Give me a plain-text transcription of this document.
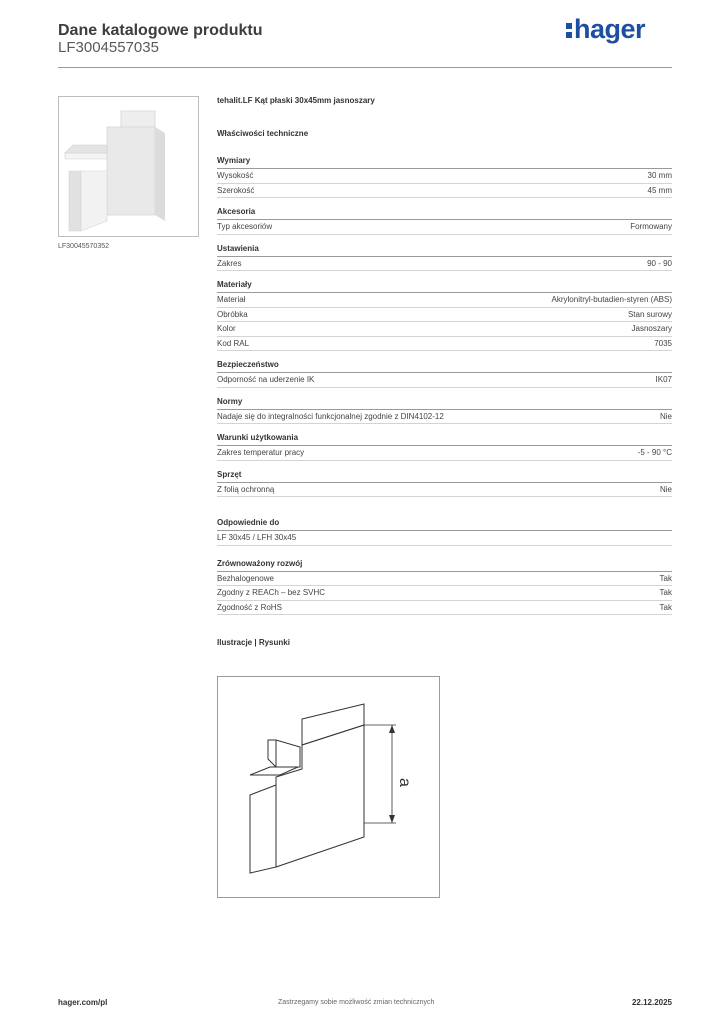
Dane katalogowe produktu
LF3004557035
hager
LF30045570352
tehalit.LF Kąt płaski 30x45mm jasnoszary
Właściwości techniczne
Wymiary
Wysokość	30 mm
Szerokość	45 mm
Akcesoria
Typ akcesoriów	Formowany
Ustawienia
Zakres	90 - 90
Materiały
Materiał	Akrylonitryl-butadien-styren (ABS)
Obróbka	Stan surowy
Kolor	Jasnoszary
Kod RAL	7035
Bezpieczeństwo
Odporność na uderzenie IK	IK07
Normy
Nadaje się do integralności funkcjonalnej zgodnie z DIN4102-12	Nie
Warunki użytkowania
Zakres temperatur pracy	-5 - 90 °C
Sprzęt
Z folią ochronną	Nie
Odpowiednie do
LF 30x45 / LFH 30x45
Zrównoważony rozwój
Bezhalogenowe	Tak
Zgodny z REACh – bez SVHC	Tak
Zgodność z RoHS	Tak
Ilustracje | Rysunki
a
hager.com/pl	Zastrzegamy sobie możliwość zmian technicznych	22.12.2025
